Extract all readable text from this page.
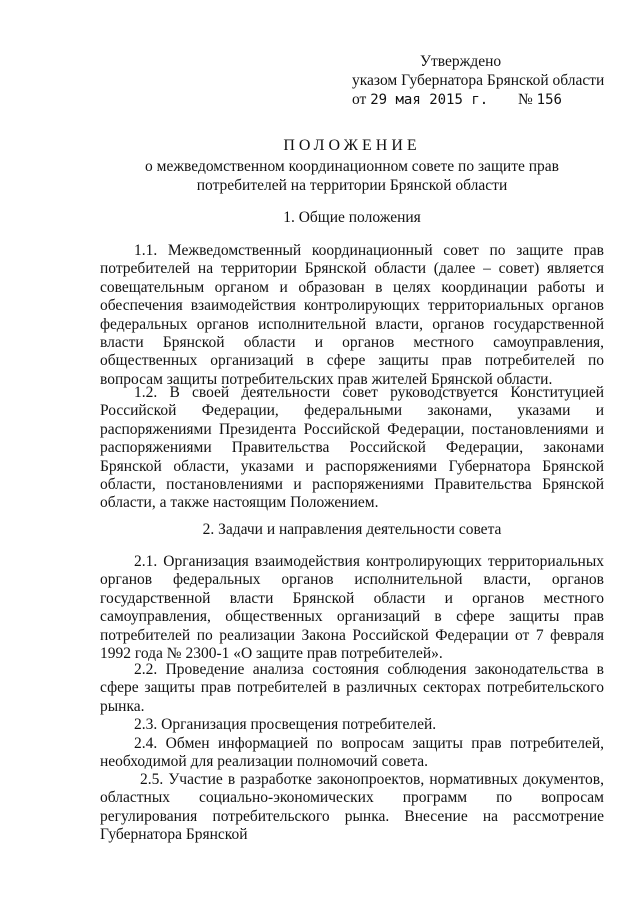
Утверждено
указом Губернатора Брянской области
от 29 мая 2015 г. № 156
ПОЛОЖЕНИЕ
о межведомственном координационном совете по защите прав потребителей на территории Брянской области
1. Общие положения

1.1. Межведомственный координационный совет по защите прав потребителей на территории Брянской области (далее – совет) является совещательным органом и образован в целях координации работы и обеспечения взаимодействия контролирующих территориальных органов федеральных органов исполнительной власти, органов государственной власти Брянской области и органов местного самоуправления, общественных организаций в сфере защиты прав потребителей по вопросам защиты потребительских прав жителей Брянской области.

1.2. В своей деятельности совет руководствуется Конституцией Российской Федерации, федеральными законами, указами и распоряжениями Президента Российской Федерации, постановлениями и распоряжениями Правительства Российской Федерации, законами Брянской области, указами и распоряжениями Губернатора Брянской области, постановлениями и распоряжениями Правительства Брянской области, а также настоящим Положением.

2. Задачи и направления деятельности совета

2.1. Организация взаимодействия контролирующих территориальных органов федеральных органов исполнительной власти, органов государственной власти Брянской области и органов местного самоуправления, общественных организаций в сфере защиты прав потребителей по реализации Закона Российской Федерации от 7 февраля 1992 года № 2300-1 «О защите прав потребителей».

2.2. Проведение анализа состояния соблюдения законодательства в сфере защиты прав потребителей в различных секторах потребительского рынка.

2.3. Организация просвещения потребителей.

2.4. Обмен информацией по вопросам защиты прав потребителей, необходимой для реализации полномочий совета.

2.5. Участие в разработке законопроектов, нормативных документов, областных социально-экономических программ по вопросам регулирования потребительского рынка. Внесение на рассмотрение Губернатора Брянской
